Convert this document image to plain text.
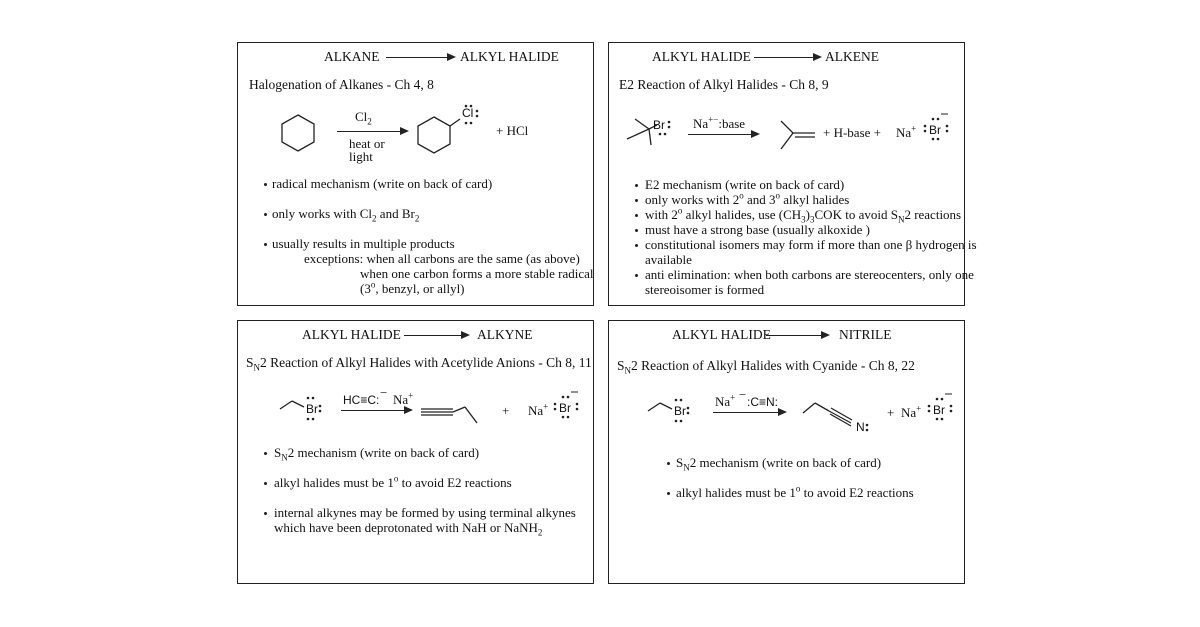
ALKANE	ALKYL HALIDE
Halogenation of Alkanes - Ch 4, 8
$Cl_2$
heat or
light
Cl
+ HCl
radical mechanism (write on back of card)
only works with $Cl_2$ and $Br_2$
usually results in multiple products
exceptions: when all carbons are the same (as above)
when one carbon forms a more stable radical
(3$^o$, benzyl, or allyl)
ALKYL HALIDE	ALKENE
E2 Reaction of Alkyl Halides - Ch 8, 9
Br Na+−:base
+ H-base + Na+ Br
E2 mechanism (write on back of card)
only works with 2$^o$ and 3$^o$ alkyl halides
with 2$^o$ alkyl halides, use $(CH_3)_3COK$ to avoid $S_N2$ reactions
must have a strong base (usually alkoxide )
constitutional isomers may form if more than one β hydrogen is
available
anti elimination: when both carbons are stereocenters, only one
stereoisomer is formed
ALKYL HALIDE	ALKYNE
$S_N2$ Reaction of Alkyl Halides with Acetylide Anions - Ch 8, 11
Br
HC≡C: − Na+
+ Na+ Br
$S_N2$ mechanism (write on back of card)
alkyl halides must be 1$^o$ to avoid E2 reactions
internal alkynes may be formed by using terminal alkynes
which have been deprotonated with NaH or NaNH$_2$
ALKYL HALIDE	NITRILE
$S_N2$ Reaction of Alkyl Halides with Cyanide - Ch 8, 22
Br
Na+ − :C≡N:
N
+ Na+ Br
$S_N2$ mechanism (write on back of card)
alkyl halides must be 1$^o$ to avoid E2 reactions
